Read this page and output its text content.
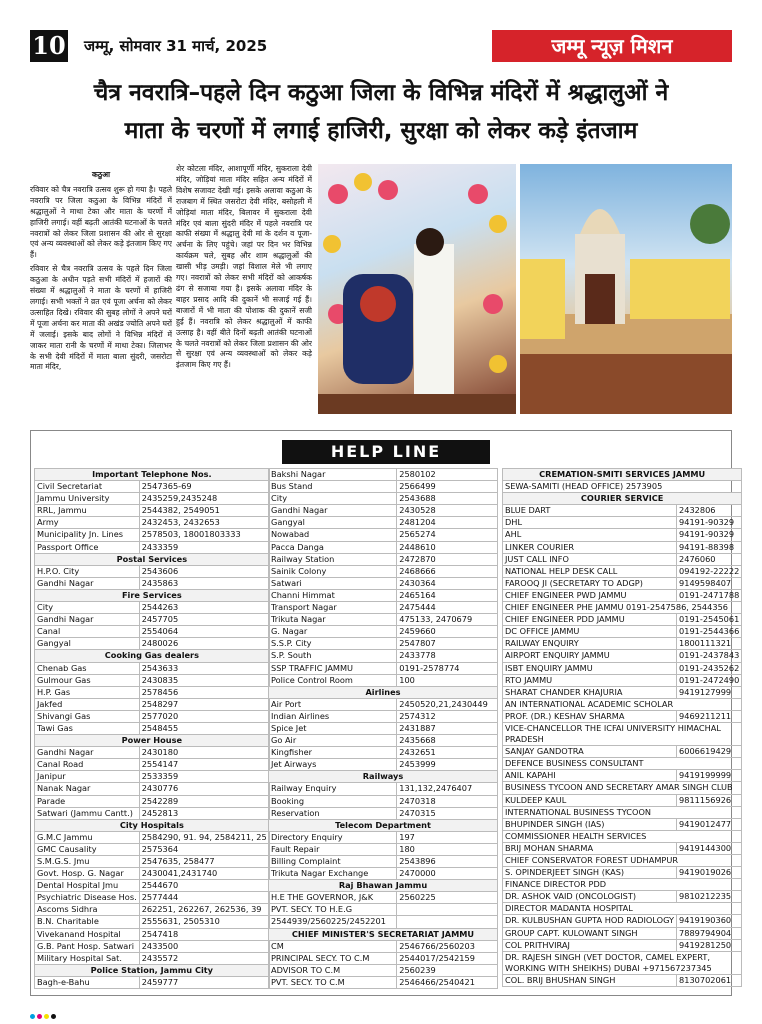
10 जम्मू, सोमवार 31 मार्च, 2025	जम्मू न्यूज़ मिशन
चैत्र नवरात्रि–पहले दिन कठुआ जिला के विभिन्न मंदिरों में श्रद्धालुओं ने
माता के चरणों में लगाई हाजिरी, सुरक्षा को लेकर कड़े इंतजाम
कठुआ

रविवार को चैत्र नवरात्रि उत्सव शुरू हो गया है। पहले नवरात्रि पर जिला कठुआ के विभिन्न मंदिरों में श्रद्धालुओं ने माथा टेका और माता के चरणों में हाजिरी लगाई। वहीं बढ़ती आतंकी घटनाओं के चलते नवरात्रों को लेकर जिला प्रशासन की ओर से सुरक्षा एवं अन्य व्यवस्थाओं को लेकर कड़े इंतजाम किए गए हैं।

रविवार से चैत्र नवरात्रि उत्सव के पहले दिन जिला कठुआ के अधीन पड़ते सभी मंदिरों में हजारों की संख्या में श्रद्धालुओं ने माता के चरणों में हाजिरी लगाई। सभी भक्तों ने व्रत एवं पूजा अर्चना को लेकर उत्साहित दिखे। रविवार की सुबह लोगों ने अपने घरों में पूजा अर्चना कर माता की अखंड ज्योति अपने घरों में जलाई। इसके बाद लोगों ने विभिन्न मंदिरों में जाकर माता रानी के चरणों में माथा टेका। जिलाभर के सभी देवी मंदिरों में माता बाला सुंदरी, जसरोटा माता मंदिर,

शेर कोटला मंदिर, आशापूर्णी मंदिर, सुकराला देवी मंदिर, जोड़ियां माता मंदिर सहित अन्य मंदिरों में विशेष सजावट देखी गई। इसके अलावा कठुआ के राजबाग में स्थित जसरोटा देवी मंदिर, बसोहली में जोड़ियां माता मंदिर, बिलावर में सुकराला देवी मंदिर एवं बाला सुंदरी मंदिर में पहले नवरात्रि पर काफी संख्या में श्रद्धालु देवी मां के दर्शन व पूजा-अर्चना के लिए पहुंचे। जहां पर दिन भर विभिन्न कार्यक्रम चले, सुबह और शाम श्रद्धालुओं की खासी भीड़ उमड़ी। जहां विशाल मेले भी लगाए गए। नवरात्रों को लेकर सभी मंदिरों को आकर्षक ढंग से सजाया गया है। इसके अलावा मंदिर के बाहर प्रसाद आदि की दुकानें भी सजाई गई हैं। बाजारों में भी माता की पोशाक की दुकानें सजी हुई हैं। नवरात्रि को लेकर श्रद्धालुओं में काफी उत्साह है। वहीं बीते दिनों बढ़ती आतंकी घटनाओं के चलते नवरात्रों को लेकर जिला प्रशासन की ओर से सुरक्षा एवं अन्य व्यवस्थाओं को लेकर कड़े इंतजाम किए गए हैं।

HELP LINE
Important Telephone Nos.	
Civil Secretariat	2547365-69
Jammu University	2435259,2435248
RRL, Jammu	2544382, 2549051
Army	2432453, 2432653
Municipality Jn. Lines	2578503, 18001803333
Passport Office	2433359
Postal Services	
H.P.O. City	2543606
Gandhi Nagar	2435863
Fire Services	
City	2544263
Gandhi Nagar	2457705
Canal	2554064
Gangyal	2480026
Cooking Gas dealers	
Chenab Gas	2543633
Gulmour Gas	2430835
H.P. Gas	2578456
Jakfed	2548297
Shivangi Gas	2577020
Tawi Gas	2548455
Power House	
Gandhi Nagar	2430180
Canal Road	2554147
Janipur	2533359
Nanak Nagar	2430776
Parade	2542289
Satwari (Jammu Cantt.)	2452813
City Hospitals	
G.M.C Jammu	2584290, 91. 94, 2584211, 25
GMC Causality	2575364
S.M.G.S. Jmu	2547635, 258477
Govt. Hosp. G. Nagar	2430041,2431740
Dental Hospital Jmu	2544670
Psychiatric Disease Hos.	2577444
Ascoms Sidhra	262251, 262267, 262536, 39
B.N. Charitable	2555631, 2505310
Vivekanand Hospital	2547418
G.B. Pant Hosp. Satwari	2433500
Military Hospital Sat.	2435572
Police Station, Jammu City	
Bagh-e-Bahu	2459777
Bakshi Nagar	2580102
Bus Stand	2566499
City	2543688
Gandhi Nagar	2430528
Gangyal	2481204
Nowabad	2565274
Pacca Danga	2448610
Railway Station	2472870
Sainik Colony	2468666
Satwari	2430364
Channi Himmat	2465164
Transport Nagar	2475444
Trikuta Nagar	475133, 2470679
G. Nagar	2459660
S.S.P. City	2547807
S.P. South	2433778
SSP TRAFFIC JAMMU	0191-2578774
Police Control Room	100
Airlines	
Air Port	2450520,21,2430449
Indian Airlines	2574312
Spice Jet	2431887
Go Air	2435668
Kingfisher	2432651
Jet Airways	2453999
Railways	
Railway Enquiry	131,132,2476407
Booking	2470318
Reservation	2470315
Telecom Department	
Directory Enquiry	197
Fault Repair	180
Billing Complaint	2543896
Trikuta Nagar Exchange	2470000
Raj Bhawan Jammu	
H.E THE GOVERNOR, J&K	2560225
PVT. SECY. TO H.E.G	
2544939/2560225/2452201	
CHIEF MINISTER'S SECRETARIAT JAMMU	
CM	2546766/2560203
PRINCIPAL SECY. TO C.M	2544017/2542159
ADVISOR TO C.M	2560239
PVT. SECY. TO C.M	2546466/2540421
CREMATION-SMITI SERVICES JAMMU	
SEWA-SAMITI (HEAD OFFICE) 2573905	
COURIER SERVICE	
BLUE DART	2432806
DHL	94191-90329
AHL	94191-90329
LINKER COURIER	94191-88398
JUST CALL INFO	2476060
NATIONAL HELP DESK CALL	094192-22222
FAROOQ JI (SECRETARY TO ADGP)	9149598407
CHIEF ENGINEER PWD JAMMU	0191-2471788
CHIEF ENGINEER PHE JAMMU 0191-2547586, 2544356	
CHIEF ENGINEER PDD JAMMU	0191-2545061
DC OFFICE JAMMU	0191-2544366
RAILWAY ENQUIRY	1800111321
AIRPORT ENQUIRY JAMMU	0191-2437843
ISBT ENQUIRY JAMMU	0191-2435262
RTO JAMMU	0191-2472490
SHARAT CHANDER KHAJURIA	9419127999
AN INTERNATIONAL ACADEMIC SCHOLAR	
PROF. (DR.) KESHAV SHARMA	9469211211
VICE-CHANCELLOR THE ICFAI UNIVERSITY HIMACHAL PRADESH	
SANJAY GANDOTRA	6006619429
DEFENCE BUSINESS CONSULTANT	
ANIL KAPAHI	9419199999
BUSINESS TYCOON AND SECRETARY AMAR SINGH CLUB	
KULDEEP KAUL	9811156926
INTERNATIONAL BUSINESS TYCOON	
BHUPINDER SINGH (IAS)	9419012477
COMMISSIONER HEALTH SERVICES	
BRIJ MOHAN SHARMA	9419144300
CHIEF CONSERVATOR FOREST UDHAMPUR	
S. OPINDERJEET SINGH (KAS)	9419019026
FINANCE DIRECTOR PDD	
DR. ASHOK VAID (ONCOLOGIST)	9810212235
DIRECTOR MADANTA HOSPITAL	
DR. KULBUSHAN GUPTA HOD RADIOLOGY	9419190360
GROUP CAPT. KULOWANT SINGH	7889794904
COL PRITHVIRAJ	9419281250
DR. RAJESH SINGH (VET DOCTOR, CAMEL EXPERT, WORKING WITH SHEIKHS) DUBAI +971567237345	
COL. BRIJ BHUSHAN SINGH	8130702061
